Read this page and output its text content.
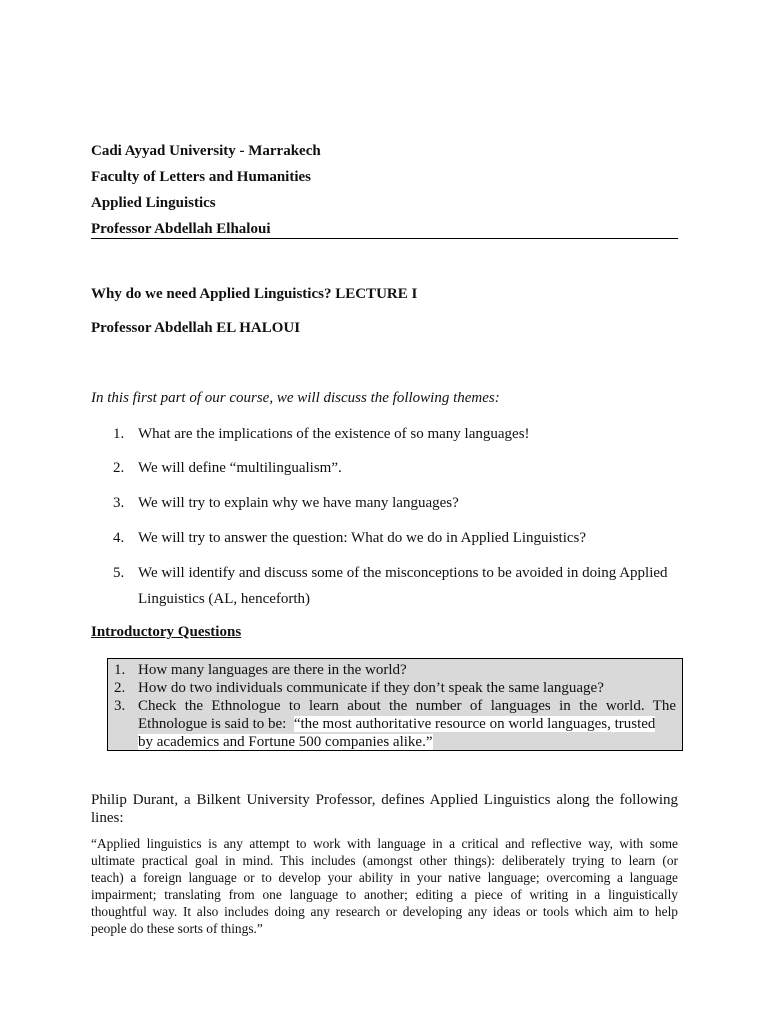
Cadi Ayyad University - Marrakech
Faculty of Letters and Humanities
Applied Linguistics
Professor Abdellah Elhaloui
Why do we need Applied Linguistics? LECTURE I
Professor Abdellah EL HALOUI
In this first part of our course, we will discuss the following themes:
1. What are the implications of the existence of so many languages!
2. We will define “multilingualism”.
3. We will try to explain why we have many languages?
4. We will try to answer the question: What do we do in Applied Linguistics?
5. We will identify and discuss some of the misconceptions to be avoided in doing Applied
Linguistics (AL, henceforth)
Introductory Questions
1. How many languages are there in the world?
2. How do two individuals communicate if they don’t speak the same language?
3. Check the Ethnologue to learn about the number of languages in the world. The
Ethnologue is said to be: “the most authoritative resource on world languages, trusted
by academics and Fortune 500 companies alike.”
Philip Durant, a Bilkent University Professor, defines Applied Linguistics along the following
lines:
“Applied linguistics is any attempt to work with language in a critical and reflective way, with some
ultimate practical goal in mind. This includes (amongst other things): deliberately trying to learn (or
teach) a foreign language or to develop your ability in your native language; overcoming a language
impairment; translating from one language to another; editing a piece of writing in a linguistically
thoughtful way. It also includes doing any research or developing any ideas or tools which aim to help
people do these sorts of things.”
